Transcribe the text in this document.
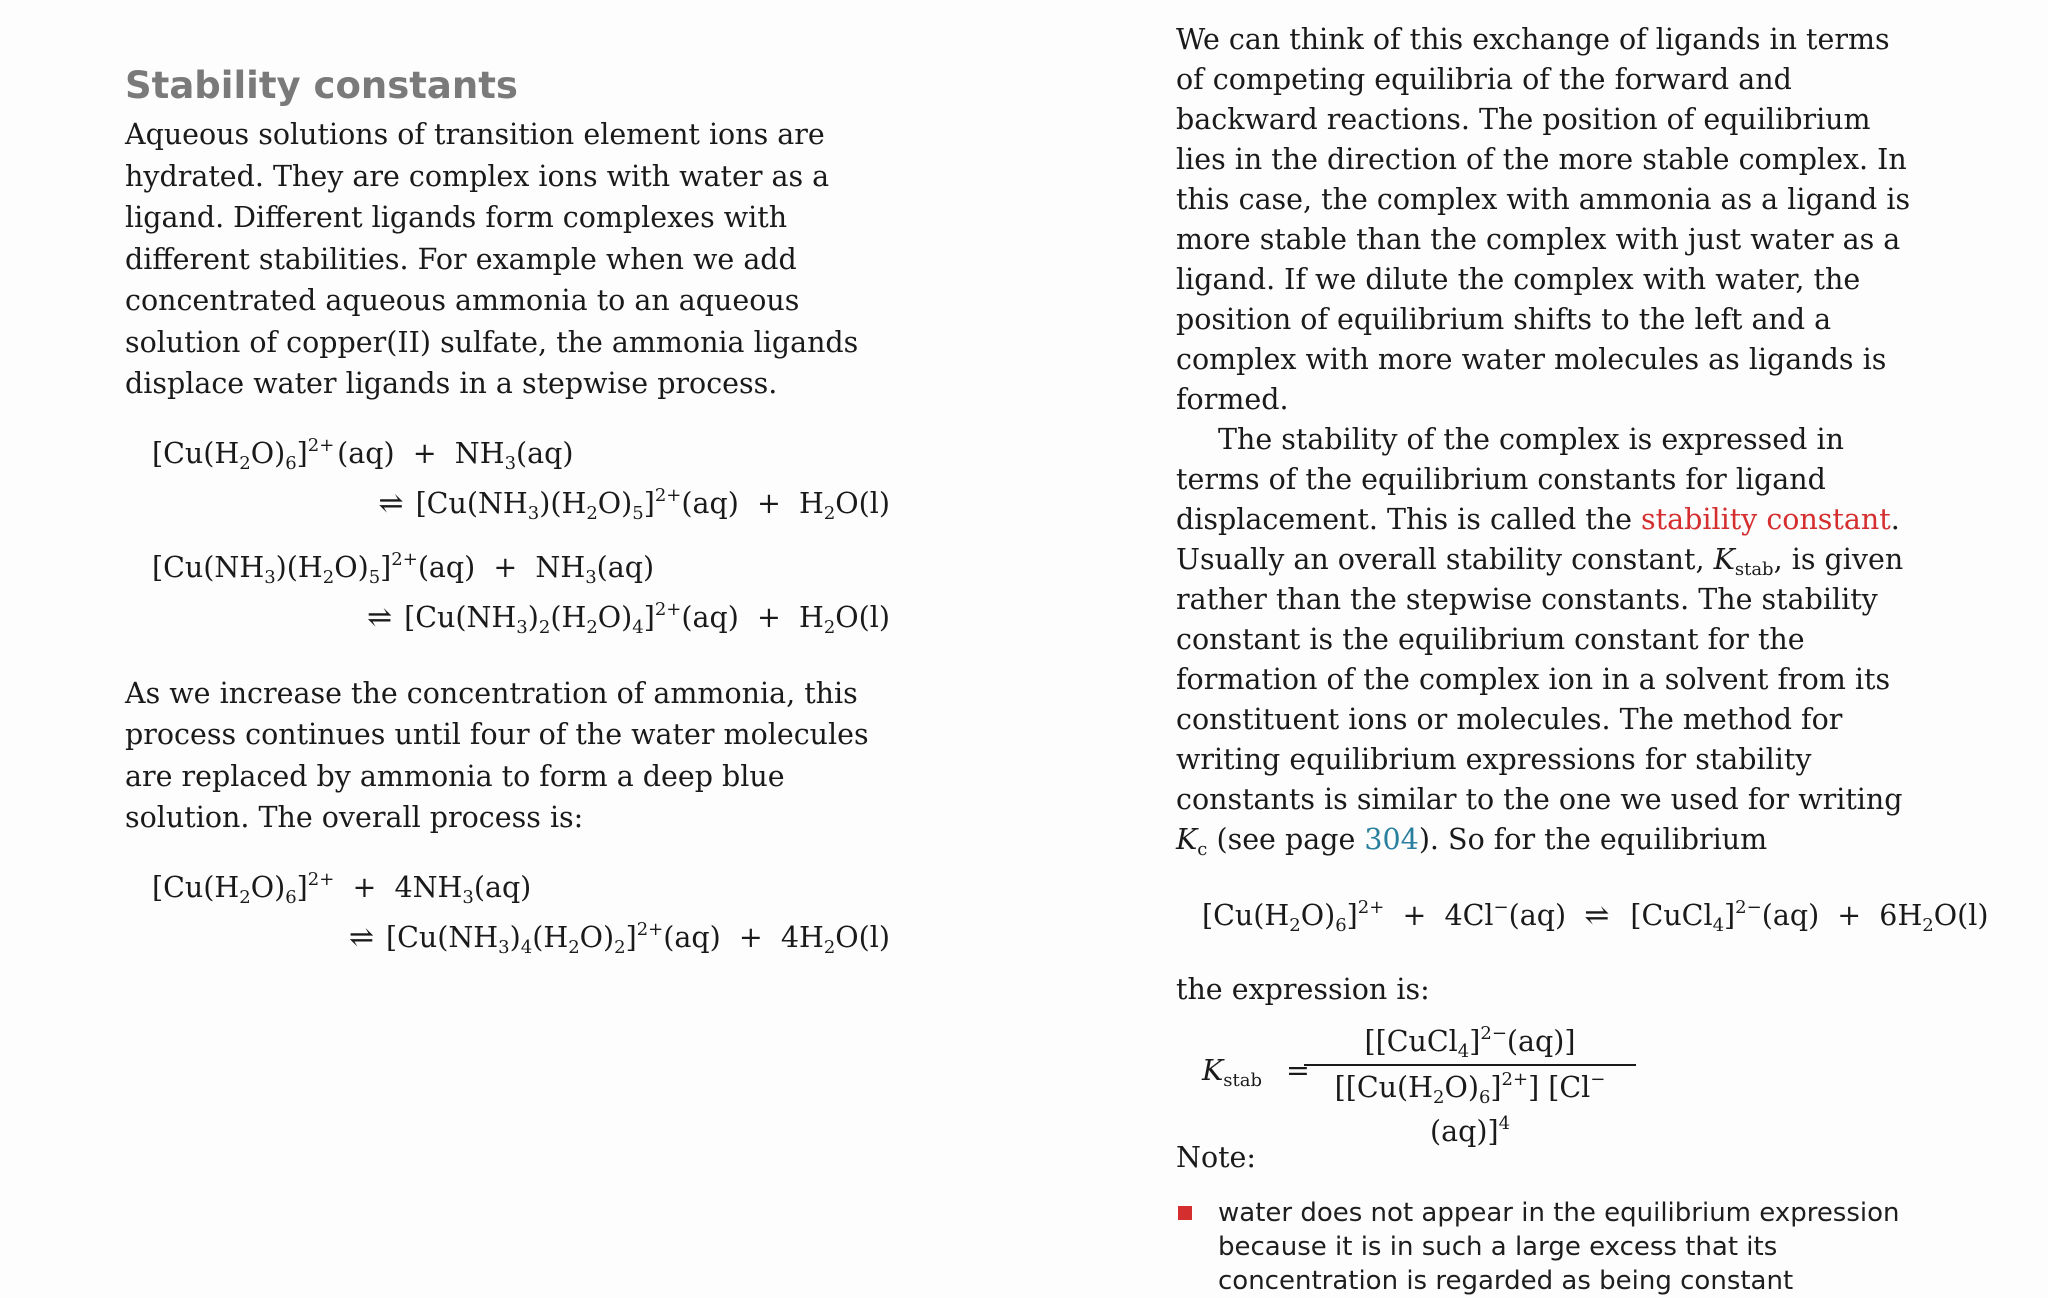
Stability constants

Aqueous solutions of transition element ions are hydrated. They are complex ions with water as a ligand. Different ligands form complexes with different stabilities. For example when we add concentrated aqueous ammonia to an aqueous solution of copper(II) sulfate, the ammonia ligands displace water ligands in a stepwise process.

$[Cu(H_2O)_6]^{2+}$ $(aq) + NH_3(aq)$
⇌ $[Cu(NH_3)(H_2O)_5]^{2+}(aq) + H_2O(l)$
$[Cu(NH_3)(H_2O)_5]^{2+}(aq) + NH_3(aq)$
⇌ $[Cu(NH_3)_2(H_2O)_4]^{2+}(aq) + H_2O(l)$

As we increase the concentration of ammonia, this process continues until four of the water molecules are replaced by ammonia to form a deep blue solution. The overall process is:

$[Cu(H_2O)_6]^{2+} + 4NH_3(aq)$
⇌ $[Cu(NH_3)_4(H_2O)_2]^{2+}(aq) + 4H_2O(l)$

We can think of this exchange of ligands in terms of competing equilibria of the forward and backward reactions. The position of equilibrium lies in the direction of the more stable complex. In this case, the complex with ammonia as a ligand is more stable than the complex with just water as a ligand. If we dilute the complex with water, the position of equilibrium shifts to the left and a complex with more water molecules as ligands is formed.

The stability of the complex is expressed in terms of the equilibrium constants for ligand displacement. This is called the stability constant. Usually an overall stability constant, $K_{stab}$, is given rather than the stepwise constants. The stability constant is the equilibrium constant for the formation of the complex ion in a solvent from its constituent ions or molecules. The method for writing equilibrium expressions for stability constants is similar to the one we used for writing $K_c$ (see page 304). So for the equilibrium

$[Cu(H_2O)_6]^{2+} + 4Cl^-(aq)$  ⇌ [CuCl$_4$]$^{2-}$(aq)  +  $6H_2O(l)$

the expression is:

$K_{stab}$ =
[[CuCl$_4$]$^{2-}$(aq)]
$[[Cu(H_2O)_6]^{2+}]$ $[Cl^-(aq)]^4$
Note:
water does not appear in the equilibrium expression because it is in such a large excess that its concentration is regarded as being constant
